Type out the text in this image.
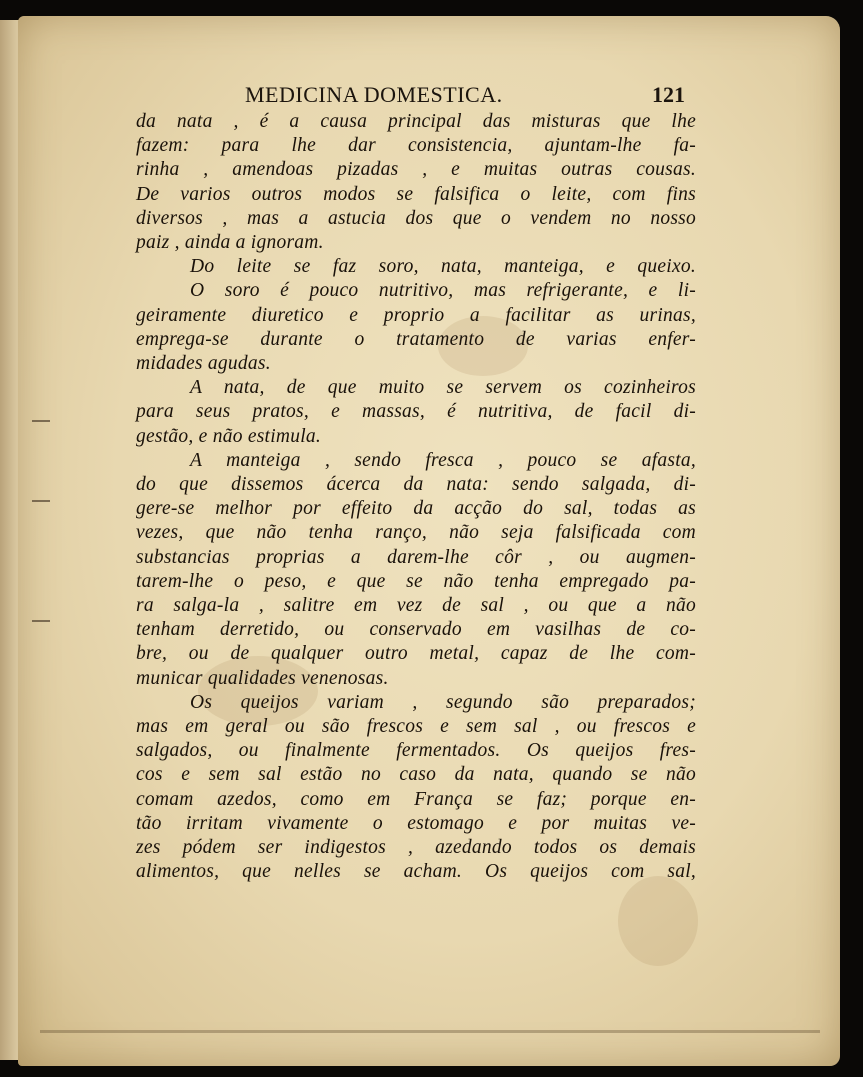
MEDICINA DOMESTICA.	121

da nata , é a causa principal das misturas que lhe
fazem: para lhe dar consistencia, ajuntam-lhe fa-
rinha , amendoas pizadas , e muitas outras cousas.
De varios outros modos se falsifica o leite, com fins
diversos , mas a astucia dos que o vendem no nosso
paiz , ainda a ignoram.
Do leite se faz soro, nata, manteiga, e queixo.
O soro é pouco nutritivo, mas refrigerante, e li-
geiramente diuretico e proprio a facilitar as urinas,
emprega-se durante o tratamento de varias enfer-
midades agudas.
A nata, de que muito se servem os cozinheiros
para seus pratos, e massas, é nutritiva, de facil di-
gestão, e não estimula.
A manteiga , sendo fresca , pouco se afasta,
do que dissemos ácerca da nata: sendo salgada, di-
gere-se melhor por effeito da acção do sal, todas as
vezes, que não tenha ranço, não seja falsificada com
substancias proprias a darem-lhe côr , ou augmen-
tarem-lhe o peso, e que se não tenha empregado pa-
ra salga-la , salitre em vez de sal , ou que a não
tenham derretido, ou conservado em vasilhas de co-
bre, ou de qualquer outro metal, capaz de lhe com-
municar qualidades venenosas.
Os queijos variam , segundo são preparados;
mas em geral ou são frescos e sem sal , ou frescos e
salgados, ou finalmente fermentados. Os queijos fres-
cos e sem sal estão no caso da nata, quando se não
comam azedos, como em França se faz; porque en-
tão irritam vivamente o estomago e por muitas ve-
zes pódem ser indigestos , azedando todos os demais
alimentos, que nelles se acham. Os queijos com sal,
